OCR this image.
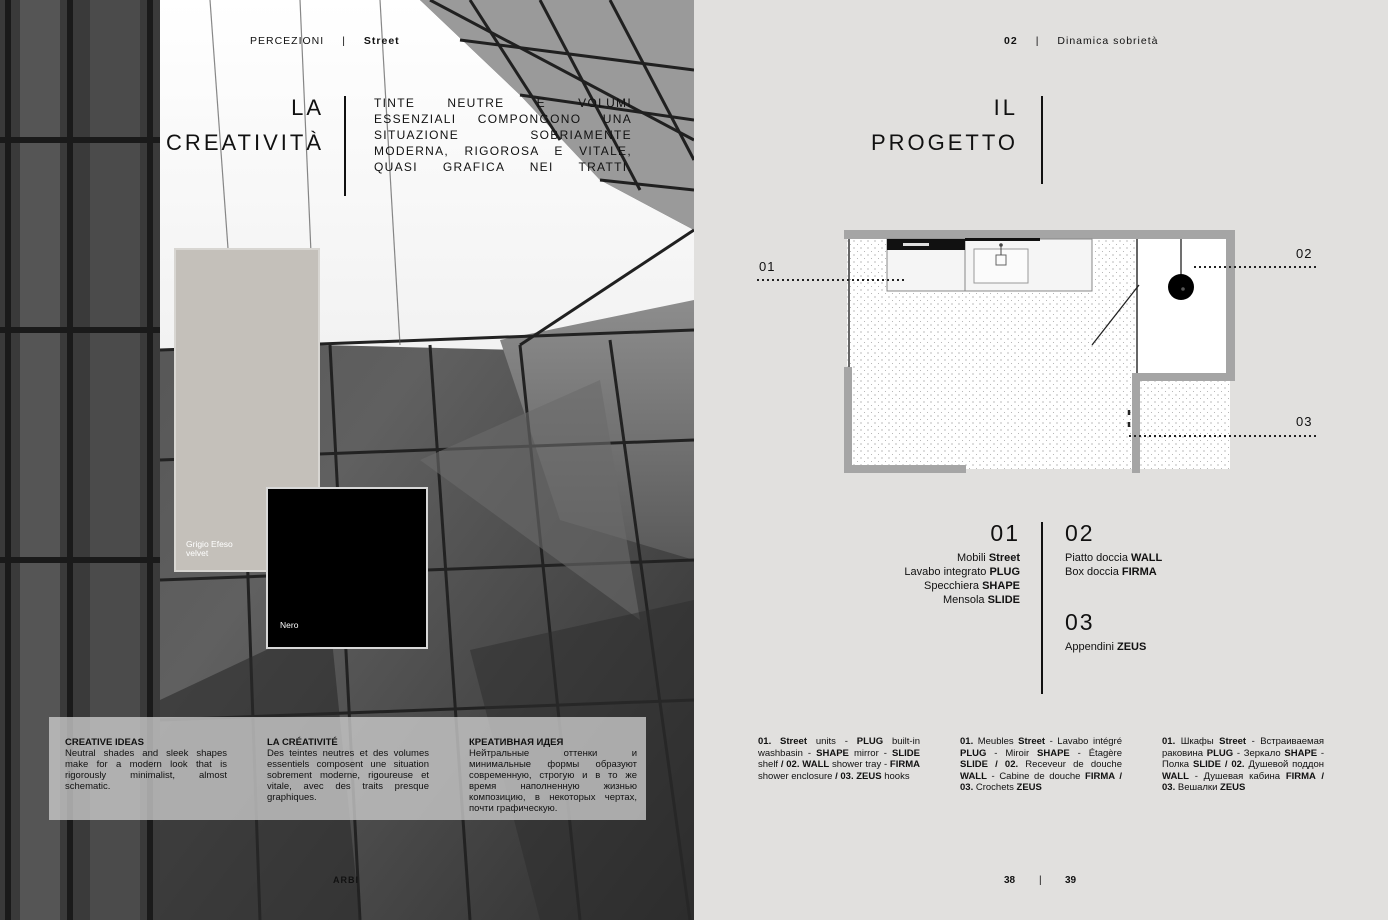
PERCEZIONI | Street
LA
CREATIVITÀ
TINTE NEUTRE E VOLUMI ESSENZIALI COMPONGONO UNA SITUAZIONE SOBRIAMENTE MODERNA, RIGOROSA E VITALE, QUASI GRAFICA NEI TRATTI.
Grigio Efeso
velvet
Nero
CREATIVE IDEAS
Neutral shades and sleek shapes make for a modern look that is rigorously minimalist, almost schematic.
LA CRÉATIVITÉ
Des teintes neutres et des volumes essentiels composent une situation sobrement moderne, rigoureuse et vitale, avec des traits presque graphiques.
КРЕАТИВНАЯ ИДЕЯ
Нейтральные оттенки и минимальные формы образуют современную, строгую и в то же время наполненную жизнью композицию, в некоторых чертах, почти графическую.
ARBI
02 | Dinamica sobrietà
IL
PROGETTO
01
02
03
01
Mobili Street
Lavabo integrato PLUG
Specchiera SHAPE
Mensola SLIDE
02
Piatto doccia WALL
Box doccia FIRMA
03
Appendini ZEUS
01. Street units - PLUG built-in washbasin - SHAPE mirror - SLIDE shelf / 02. WALL shower tray - FIRMA shower enclosure / 03. ZEUS hooks
01. Meubles Street - Lavabo intégré PLUG - Miroir SHAPE - Étagère SLIDE / 02. Receveur de douche WALL - Cabine de douche FIRMA / 03. Crochets ZEUS
01. Шкафы Street - Встраиваемая раковина PLUG - Зеркало SHAPE - Полка SLIDE / 02. Душевой поддон WALL - Душевая кабина FIRMA / 03. Вешалки ZEUS
38 | 39
